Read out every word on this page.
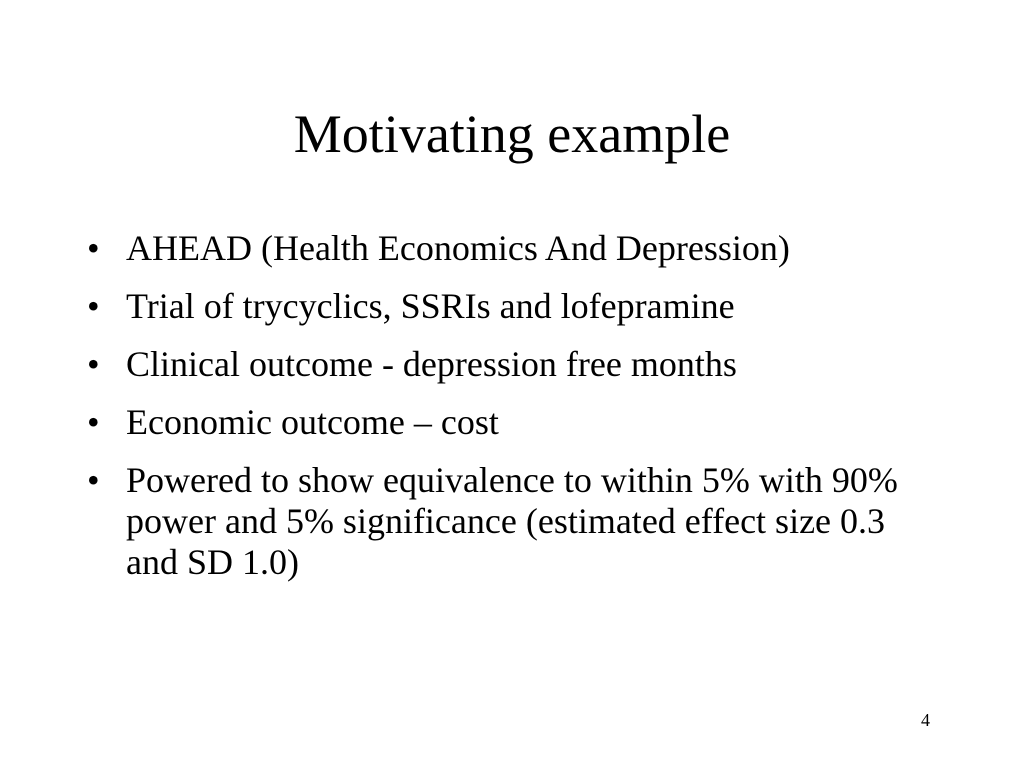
Motivating example
• AHEAD (Health Economics And Depression)
• Trial of trycyclics, SSRIs and lofepramine
• Clinical outcome - depression free months
• Economic outcome – cost
• Powered to show equivalence to within 5% with 90% power and 5% significance (estimated effect size 0.3 and SD 1.0)
4
